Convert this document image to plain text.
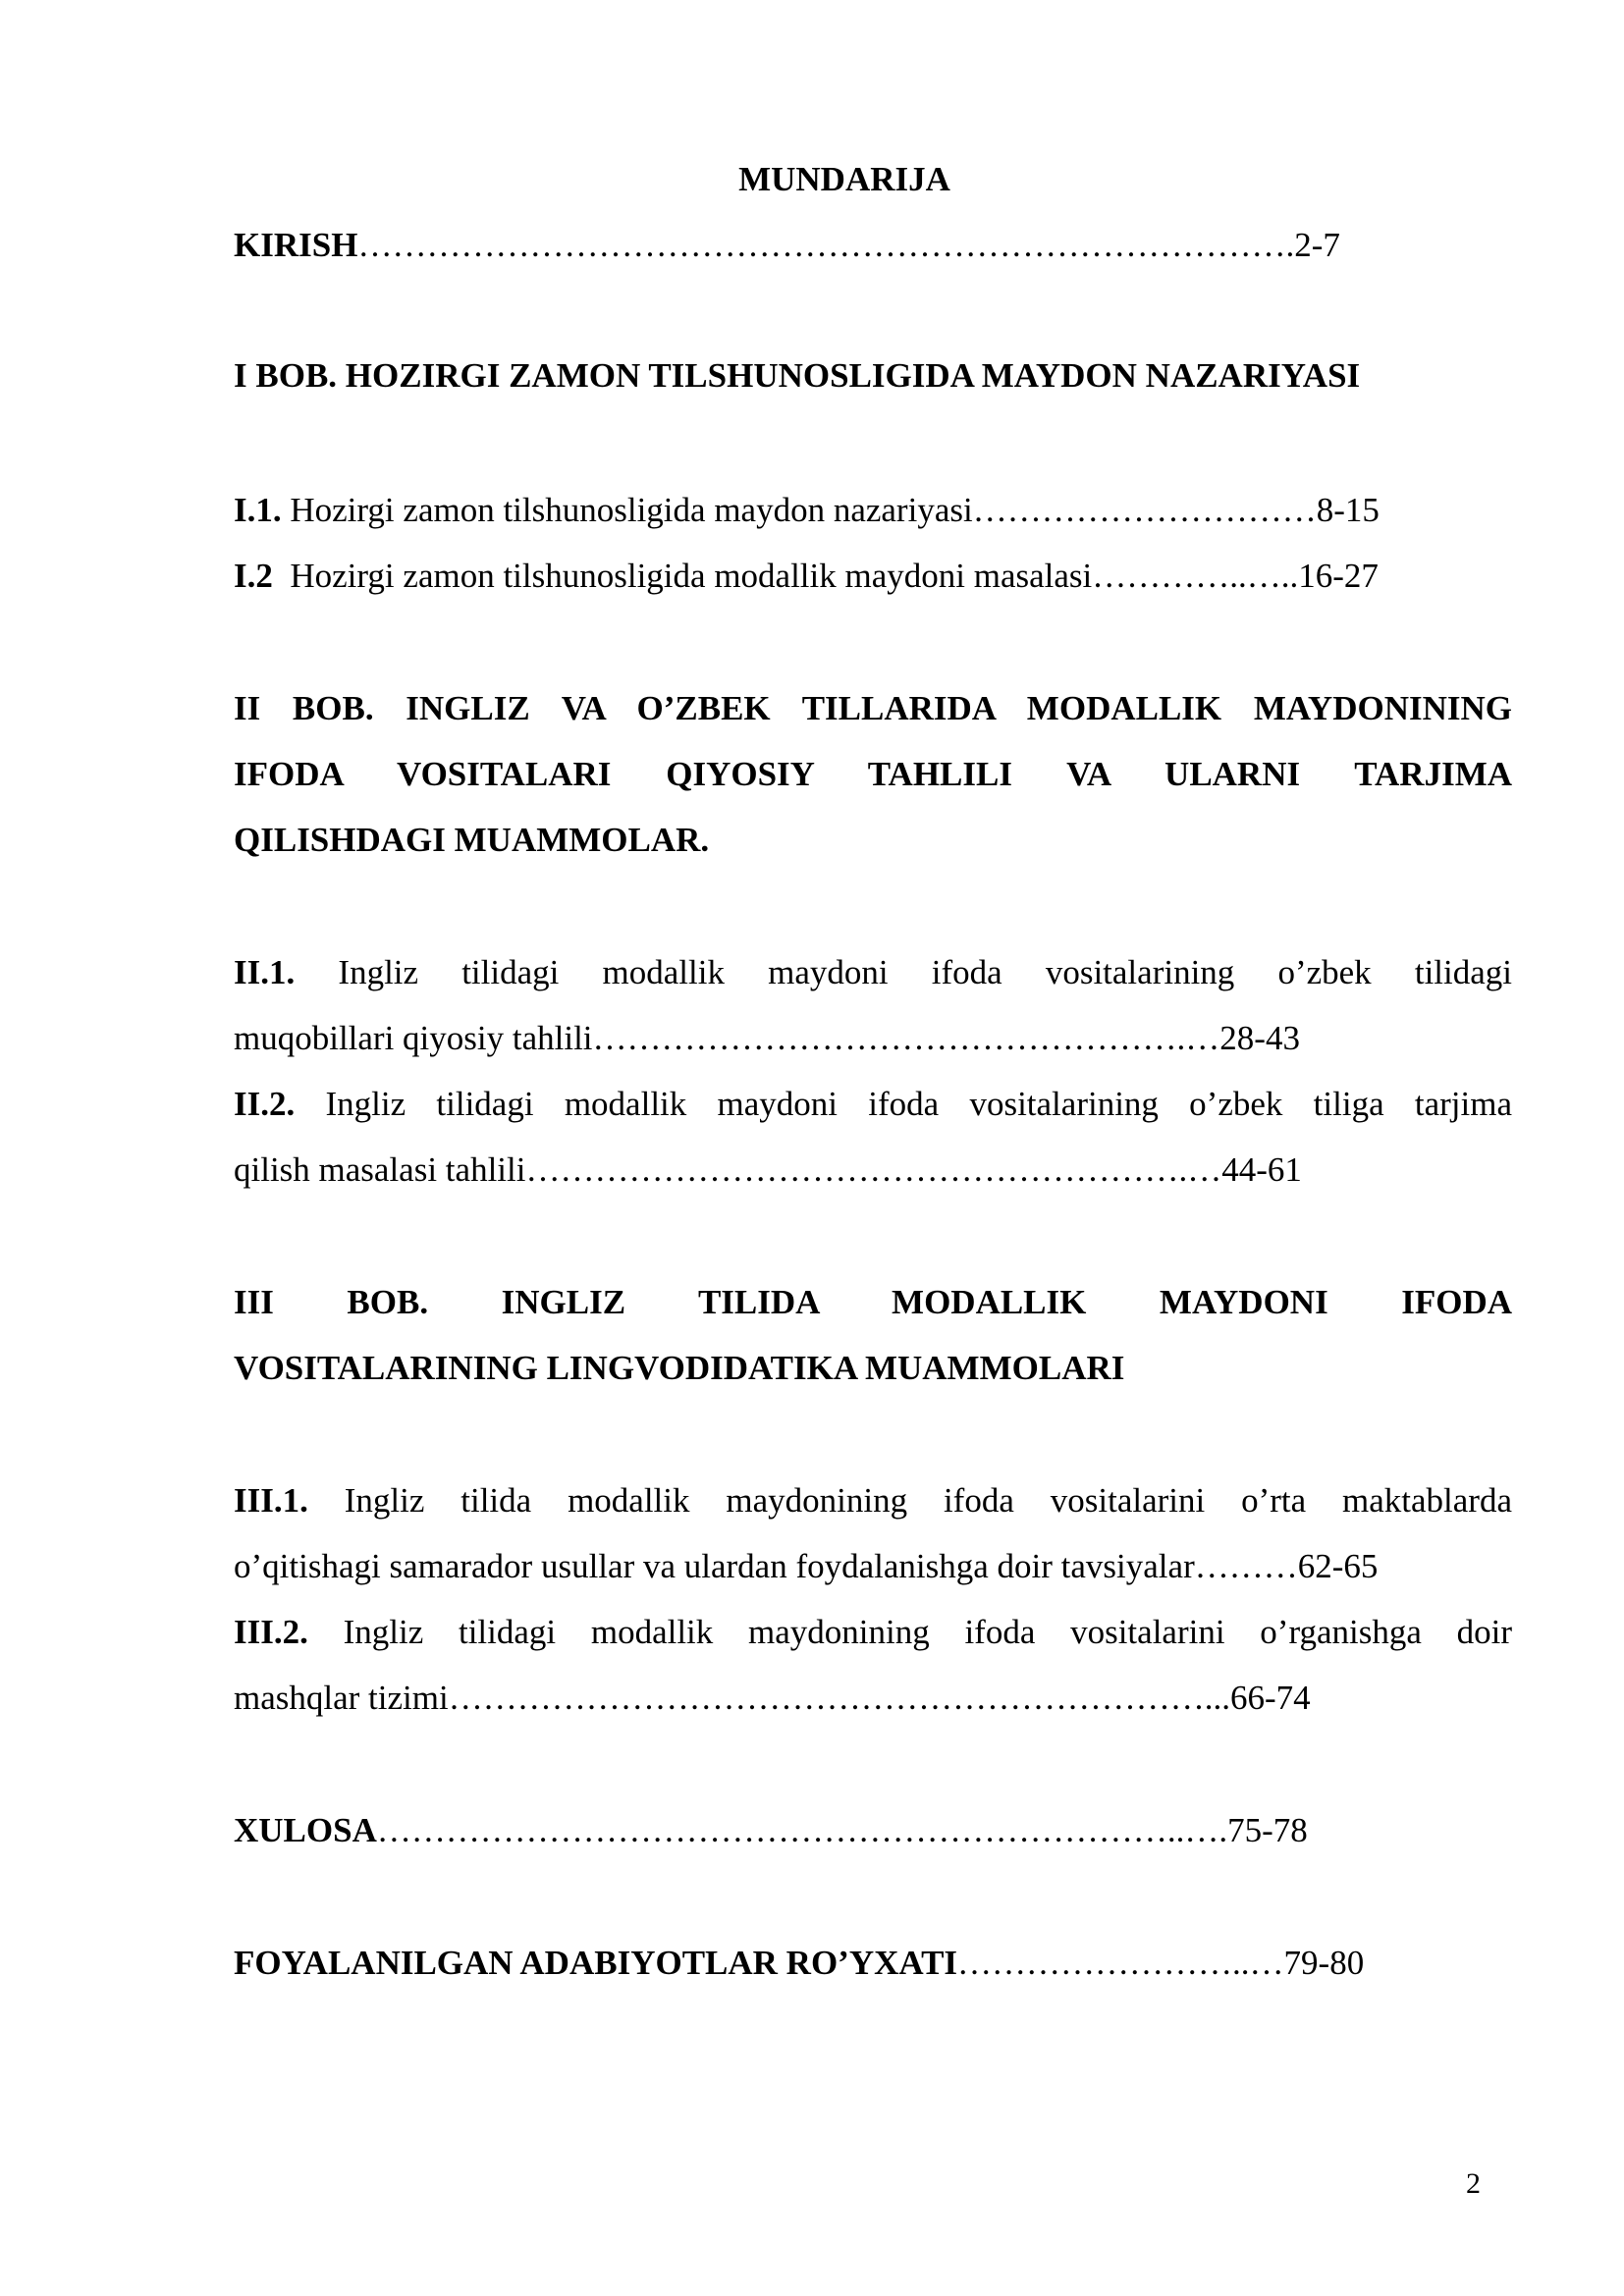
MUNDARIJA
KIRISH……………………………………………………………………….2-7
I BOB. HOZIRGI ZAMON TILSHUNOSLIGIDA MAYDON NAZARIYASI
I.1. Hozirgi zamon tilshunosligida maydon nazariyasi…………………………8-15
I.2  Hozirgi zamon tilshunosligida modallik maydoni masalasi…………..…..16-27
II BOB. INGLIZ VA O’ZBEK TILLARIDA MODALLIK MAYDONINING
IFODA VOSITALARI QIYOSIY TAHLILI VA ULARNI TARJIMA
QILISHDAGI MUAMMOLAR.
II.1. Ingliz tilidagi modallik maydoni ifoda vositalarining o’zbek tilidagi
muqobillari qiyosiy tahlili…………………………………………….…28-43
II.2. Ingliz tilidagi modallik maydoni ifoda vositalarining o’zbek tiliga tarjima
qilish masalasi tahlili………………………………………………….…44-61
III BOB. INGLIZ TILIDA MODALLIK MAYDONI IFODA
VOSITALARINING LINGVODIDATIKA MUAMMOLARI
III.1. Ingliz tilida modallik maydonining ifoda vositalarini o’rta maktablarda
o’qitishagi samarador usullar va ulardan foydalanishga doir tavsiyalar………62-65
III.2. Ingliz tilidagi modallik maydonining ifoda vositalarini o’rganishga doir
mashqlar tizimi…………………………………………………………...66-74
XULOSA……………………………………………………………..….75-78
FOYALANILGAN ADABIYOTLAR RO’YXATI……………………..…79-80
2
